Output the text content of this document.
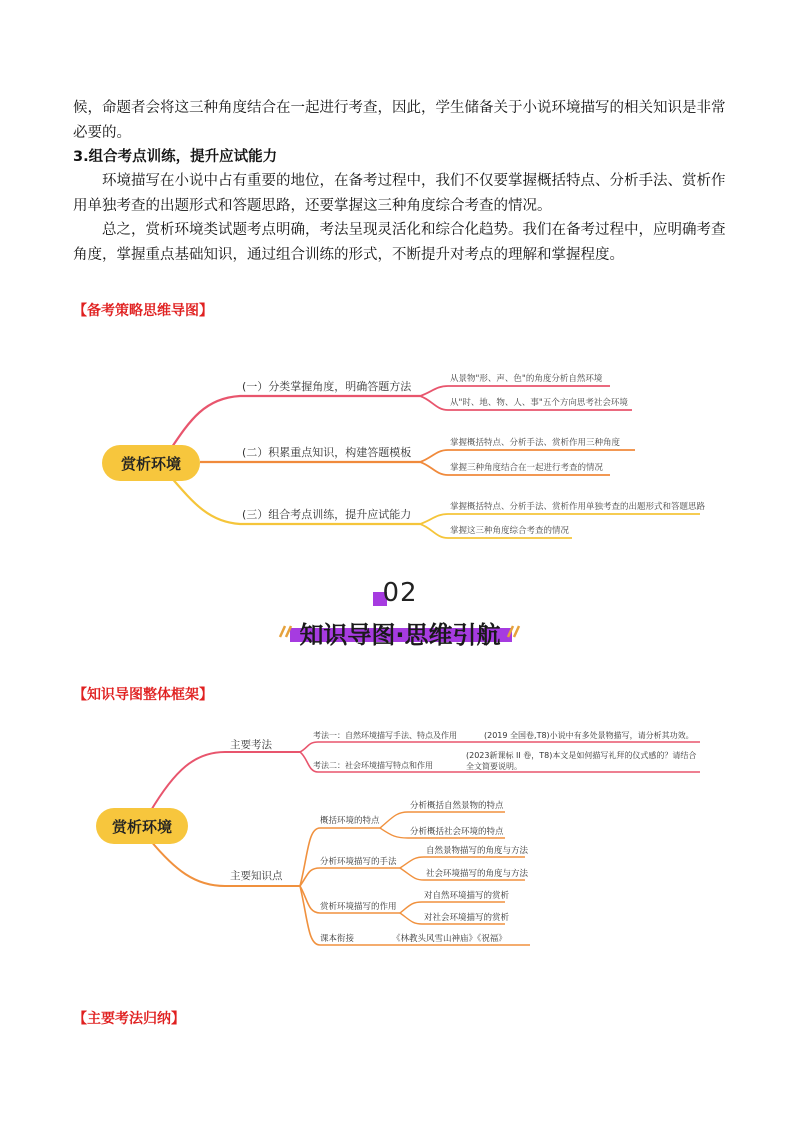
候，命题者会将这三种角度结合在一起进行考查，因此，学生储备关于小说环境描写的相关知识是非常必要的。

3.组合考点训练，提升应试能力

环境描写在小说中占有重要的地位，在备考过程中，我们不仅要掌握概括特点、分析手法、赏析作用单独考查的出题形式和答题思路，还要掌握这三种角度综合考查的情况。

总之，赏析环境类试题考点明确，考法呈现灵活化和综合化趋势。我们在备考过程中，应明确考查角度，掌握重点基础知识，通过组合训练的形式，不断提升对考点的理解和掌握程度。

【备考策略思维导图】
赏析环境
(一）分类掌握角度，明确答题方法
从景物"形、声、色"的角度分析自然环境
从"时、地、物、人、事"五个方向思考社会环境
(二）积累重点知识，构建答题模板
掌握概括特点、分析手法、赏析作用三种角度
掌握三种角度结合在一起进行考查的情况
(三）组合考点训练，提升应试能力
掌握概括特点、分析手法、赏析作用单独考查的出题形式和答题思路
掌握这三种角度综合考查的情况
赏析环境
主要考法
考法一：自然环境描写手法、特点及作用	(2019 全国卷,T8)小说中有多处景物描写，请分析其功效。
考法二：社会环境描写特点和作用
(2023新课标 II 卷，T8)本文是如何描写礼拜的仪式感的？请结合
全文简要说明。
主要知识点
概括环境的特点
分析概括自然景物的特点
分析概括社会环境的特点
分析环境描写的手法
自然景物描写的角度与方法
社会环境描写的角度与方法
赏析环境描写的作用
对自然环境描写的赏析
对社会环境描写的赏析
课本衔接	《林教头风雪山神庙》《祝福》
02
知识导图·思维引航
【知识导图整体框架】
【主要考法归纳】
